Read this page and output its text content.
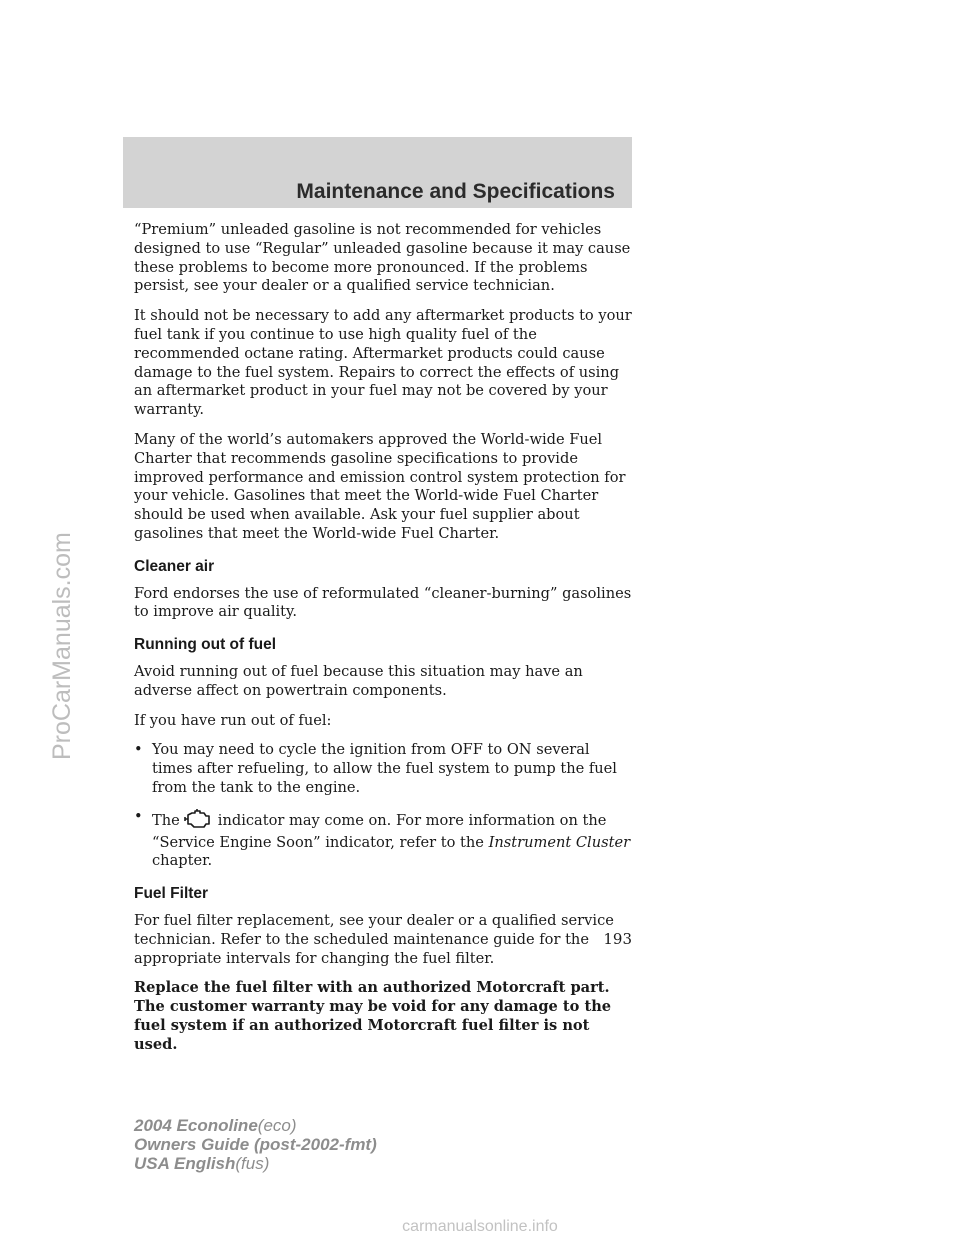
Maintenance and Specifications

“Premium” unleaded gasoline is not recommended for vehicles designed to use “Regular” unleaded gasoline because it may cause these problems to become more pronounced. If the problems persist, see your dealer or a qualified service technician.

It should not be necessary to add any aftermarket products to your fuel tank if you continue to use high quality fuel of the recommended octane rating. Aftermarket products could cause damage to the fuel system. Repairs to correct the effects of using an aftermarket product in your fuel may not be covered by your warranty.

Many of the world’s automakers approved the World-wide Fuel Charter that recommends gasoline specifications to provide improved performance and emission control system protection for your vehicle. Gasolines that meet the World-wide Fuel Charter should be used when available. Ask your fuel supplier about gasolines that meet the World-wide Fuel Charter.

Cleaner air

Ford endorses the use of reformulated “cleaner-burning” gasolines to improve air quality.

Running out of fuel

Avoid running out of fuel because this situation may have an adverse affect on powertrain components.

If you have run out of fuel:

• You may need to cycle the ignition from OFF to ON several times after refueling, to allow the fuel system to pump the fuel from the tank to the engine.
• The	indicator may come on. For more information on the “Service Engine Soon” indicator, refer to the Instrument Cluster chapter.
Fuel Filter

For fuel filter replacement, see your dealer or a qualified service technician. Refer to the scheduled maintenance guide for the appropriate intervals for changing the fuel filter.

Replace the fuel filter with an authorized Motorcraft part. The customer warranty may be void for any damage to the fuel system if an authorized Motorcraft fuel filter is not used.

193
2004 Econoline(eco)
Owners Guide (post-2002-fmt)
USA English(fus)
ProCarManuals.com
carmanualsonline.info
